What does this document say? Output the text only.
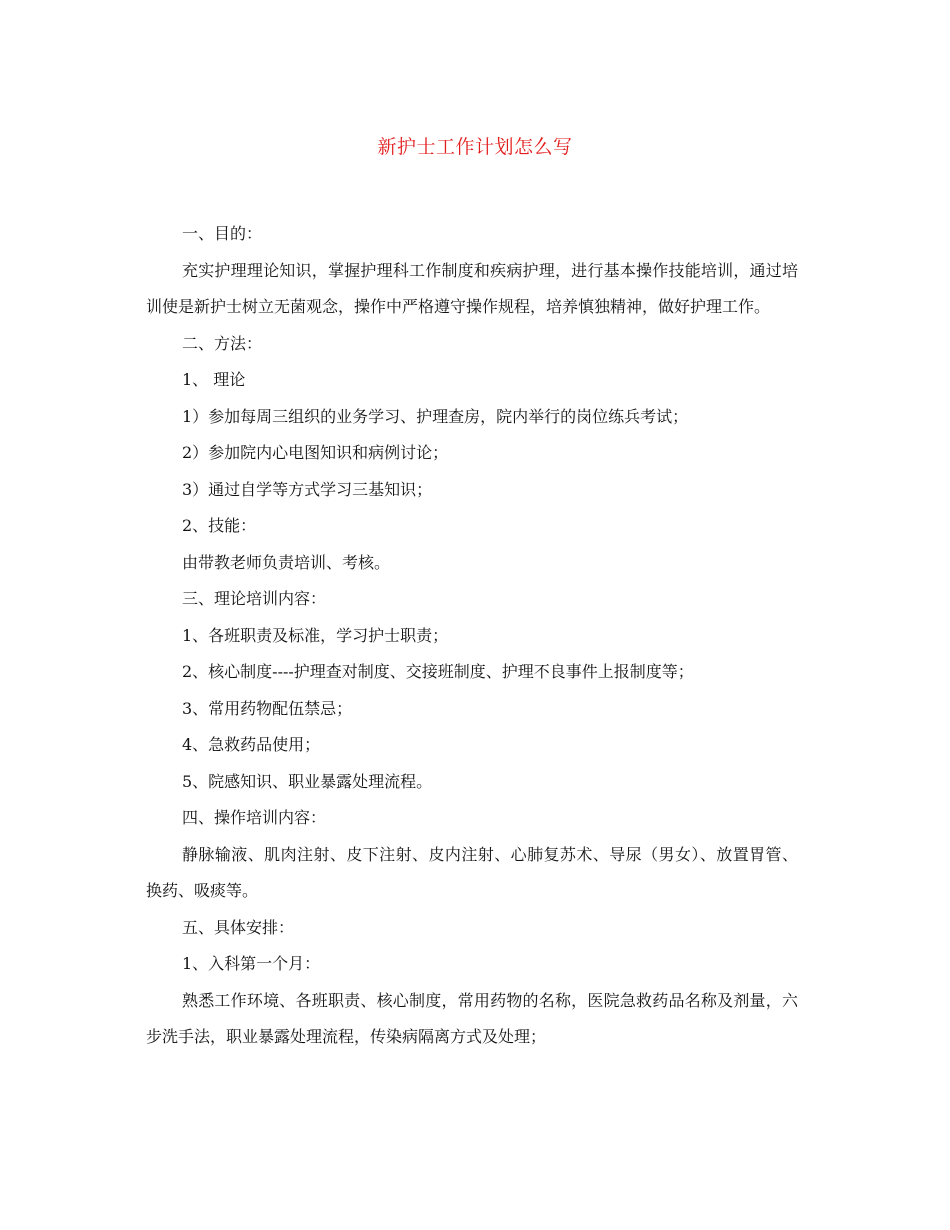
新护士工作计划怎么写

一、目的：

充实护理理论知识，掌握护理科工作制度和疾病护理，进行基本操作技能培训，通过培训使是新护士树立无菌观念，操作中严格遵守操作规程，培养慎独精神，做好护理工作。

二、方法：

1、 理论

1）参加每周三组织的业务学习、护理查房，院内举行的岗位练兵考试；

2）参加院内心电图知识和病例讨论；

3）通过自学等方式学习三基知识；

2、技能：

由带教老师负责培训、考核。

三、理论培训内容：

1、各班职责及标准，学习护士职责；

2、核心制度----护理查对制度、交接班制度、护理不良事件上报制度等；

3、常用药物配伍禁忌；

4、急救药品使用；

5、院感知识、职业暴露处理流程。

四、操作培训内容：

静脉输液、肌肉注射、皮下注射、皮内注射、心肺复苏术、导尿（男女）、放置胃管、 换药、吸痰等。

五、具体安排：

1、入科第一个月：

熟悉工作环境、各班职责、核心制度，常用药物的名称，医院急救药品名称及剂量，六步洗手法，职业暴露处理流程，传染病隔离方式及处理；
